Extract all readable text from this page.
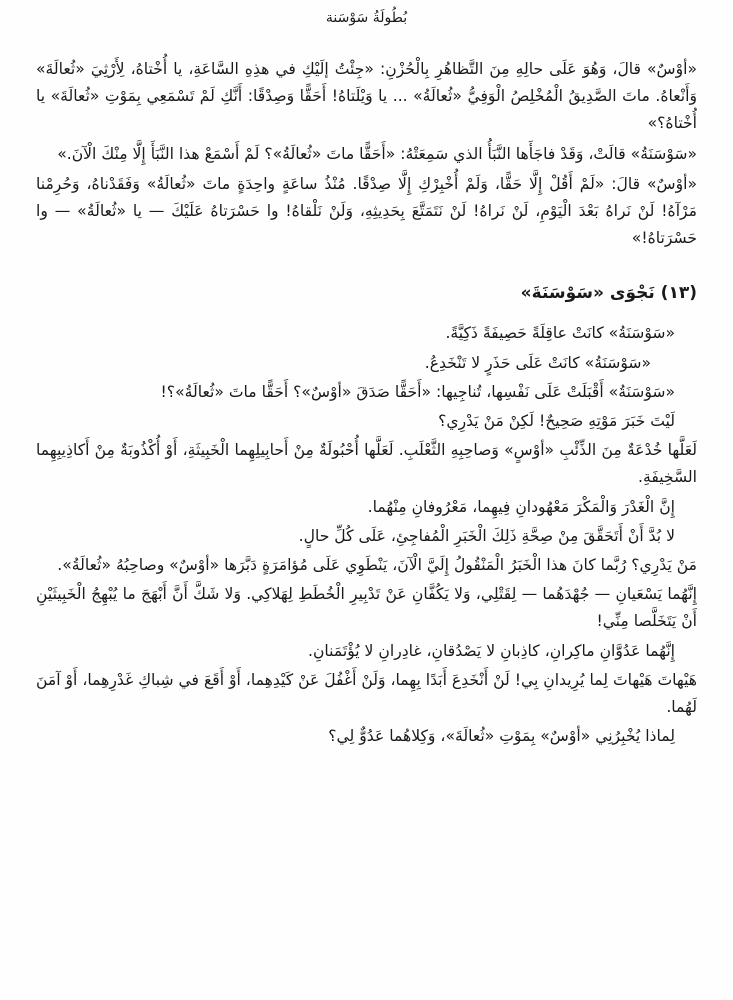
بُطُولَةُ سَوْسَنة

«أوْسٌ» قالَ، وَهُوَ عَلَى حالِهِ مِنَ التَّظاهُرِ بِالْحُزْنِ: «جِئْتُ إلَيْكِ في هذِهِ السَّاعَةِ، يا أُخْتاهُ، لِأَرْثِيَ «ثُعالَةَ» وَأَنْعاهُ. ماتَ الصَّدِيقُ الْمُخْلِصُ الْوَفِيُّ «ثُعالَةُ» ... يا وَيْلَتاهُ! أَحَقًّا وَصِدْقًا: أَنَّكِ لَمْ تَسْمَعِي بِمَوْتِ «ثُعالَةَ» يا أُخْتاهُ؟»

«سَوْسَنَةُ» قالَتْ، وَقَدْ فاجَأَها النَّبَأُ الذي سَمِعَتْهُ: «أَحَقًّا ماتَ «ثُعالَةُ»؟ لَمْ أَسْمَعْ هذا النَّبَأَ إِلَّا مِنْكَ الْآنَ.»

«أوْسٌ» قالَ: «لَمْ أَقُلْ إِلَّا حَقًّا، وَلَمْ أُخْبِرْكِ إِلَّا صِدْقًا. مُنْذُ ساعَةٍ واحِدَةٍ ماتَ «ثُعالَةُ» وَفَقَدْناهُ، وَحُرِمْنا مَرْآهُ! لَنْ نَراهُ بَعْدَ الْيَوْمِ، لَنْ نَراهُ! لَنْ نَتَمَتَّعَ بِحَدِيثِهِ، وَلَنْ نَلْقاهُ! وا حَسْرَتاهُ عَلَيْكَ — يا «ثُعالَةُ» — وا حَسْرَتاهُ!»

(١٣) نَجْوَى «سَوْسَنَةَ»

«سَوْسَنَةُ» كانَتْ عاقِلَةً حَصِيفَةً ذَكِيَّةً.

«سَوْسَنَةُ» كانَتْ عَلَى حَذَرٍ لا تَنْخَدِعُ.

«سَوْسَنَةُ» أَقْبَلَتْ عَلَى نَفْسِها، تُناجِيها: «أَحَقًّا صَدَقَ «أوْسٌ»؟ أَحَقًّا ماتَ «ثُعالَةُ»؟!

لَيْتَ خَبَرَ مَوْتِهِ صَحِيحٌ! لَكِنْ مَنْ يَدْرِي؟

لَعَلَّها خُدْعَةٌ مِنَ الذِّئْبِ «أوْسٍ» وَصاحِبِهِ الثَّعْلَبِ. لَعَلَّها أُحْبُولَةٌ مِنْ أَحابِيلِهِما الْخَبِيثَةِ، أَوْ أُكْذُوبَةٌ مِنْ أَكاذِيبِهِما السَّخِيفَةِ.

إِنَّ الْغَدْرَ وَالْمَكْرَ مَعْهُودانِ فِيهِما، مَعْرُوفانِ مِنْهُما.

لا بُدَّ أَنْ أَتَحَقَّقَ مِنْ صِحَّةِ ذَلِكَ الْخَبَرِ الْمُفاجِئِ، عَلَى كُلِّ حالٍ.

مَنْ يَدْرِي؟ رُبَّما كانَ هذا الْخَبَرُ الْمَنْقُولُ إِلَيَّ الْآنَ، يَنْطَوِي عَلَى مُؤامَرَةٍ دَبَّرَها «أوْسٌ» وصاحِبُهُ «ثُعالَةُ».

إِنَّهُما يَسْعَيانِ — جُهْدَهُما — لِقَتْلِي، وَلا يَكُفَّانِ عَنْ تَدْبِيرِ الْخُطَطِ لِهَلاكِي. وَلا شَكَّ أَنَّ أَبْهَجَ ما يُبْهِجُ الْخَبِيثَيْنِ أَنْ يَتَخَلَّصا مِنِّي!

إِنَّهُما عَدُوَّانِ ماكِرانِ، كاذِبانِ لا يَصْدُقانِ، غادِرانِ لا يُؤْتَمَنانِ.

هَيْهاتَ هَيْهاتَ لِما يُرِيدانِ بِي! لَنْ أَنْخَدِعَ أَبَدًا بِهِما، وَلَنْ أَغْفُلَ عَنْ كَيْدِهِما، أَوْ أَقَعَ في شِباكِ غَدْرِهِما، أَوْ آمَنَ لَهُما.

لِماذا يُخْبِرُنِي «أوْسٌ» بِمَوْتِ «ثُعالَةَ»، وَكِلاهُما عَدُوٌّ لِي؟
